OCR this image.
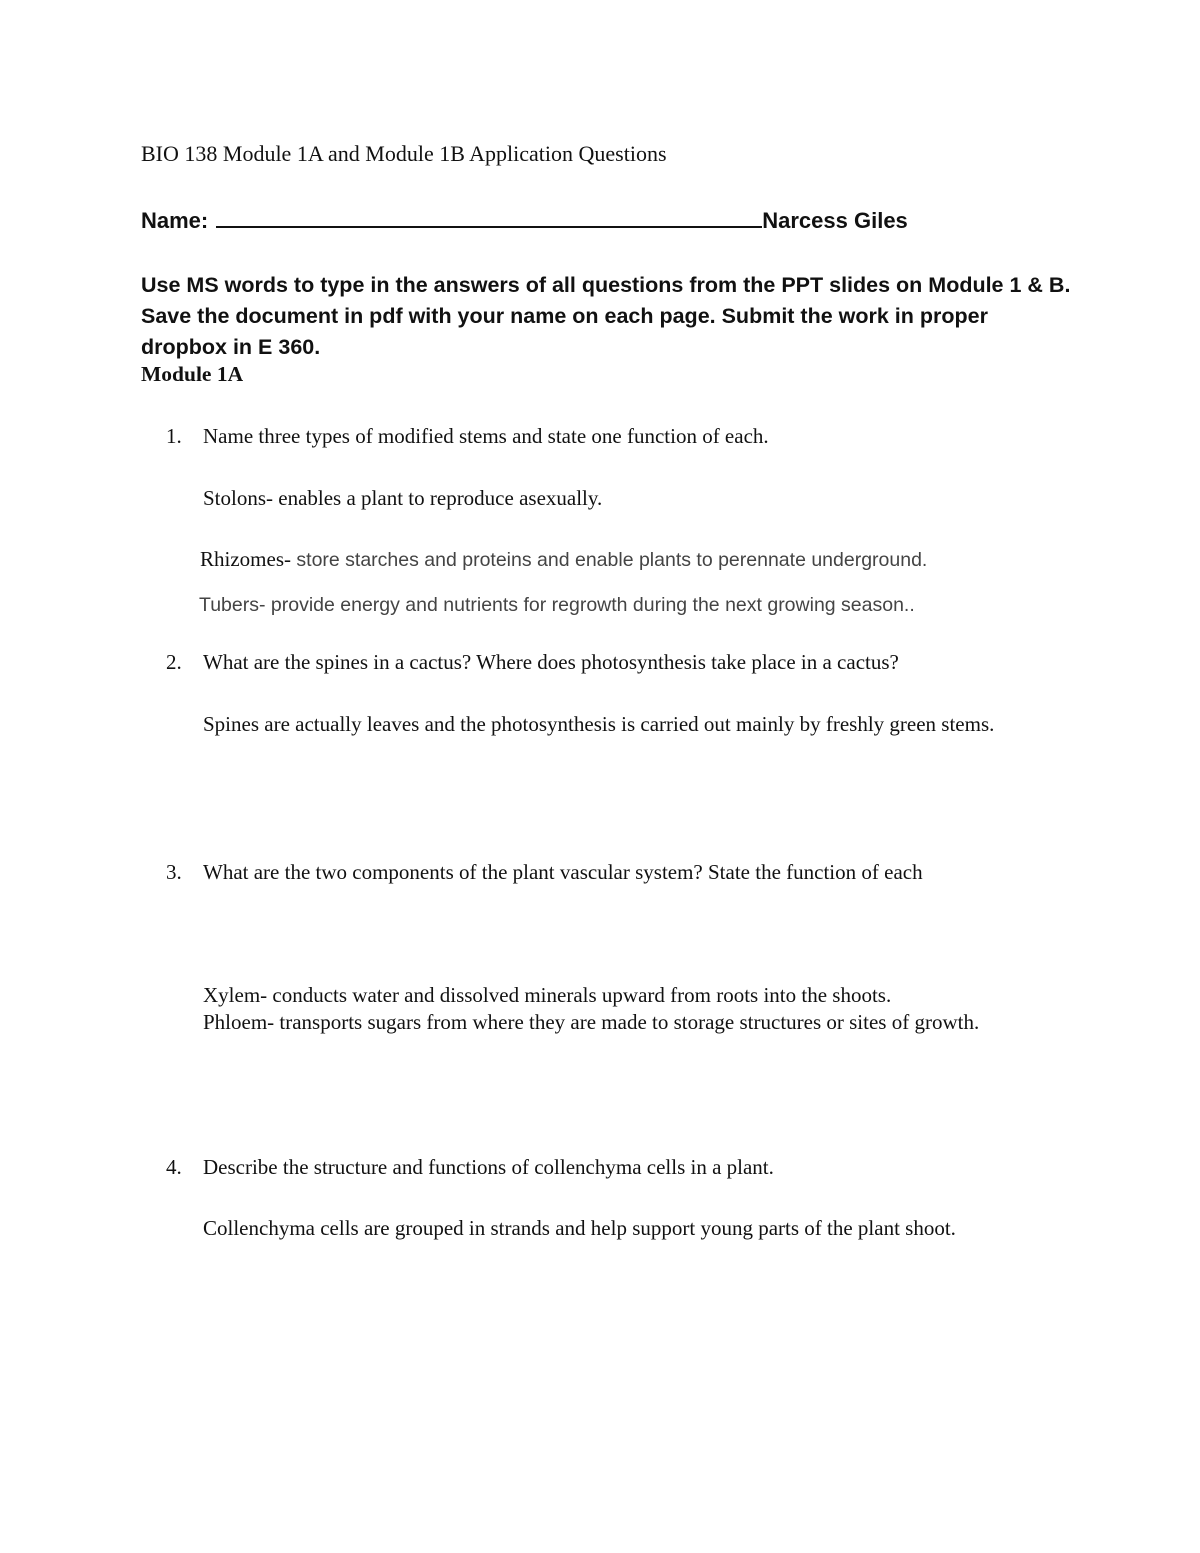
BIO 138 Module 1A and Module 1B Application Questions
Name:	Narcess Giles
Use MS words to type in the answers of all questions from the PPT slides on Module 1 & B. Save the document in pdf with your name on each page. Submit the work in proper dropbox in E 360.
Module 1A
1. Name three types of modified stems and state one function of each.
Stolons- enables a plant to reproduce asexually.
Rhizomes- store starches and proteins and enable plants to perennate underground.
Tubers- provide energy and nutrients for regrowth during the next growing season..
2. What are the spines in a cactus? Where does photosynthesis take place in a cactus?
Spines are actually leaves and the photosynthesis is carried out mainly by freshly green stems.
3. What are the two components of the plant vascular system? State the function of each
Xylem- conducts water and dissolved minerals upward from roots into the shoots.
Phloem- transports sugars from where they are made to storage structures or sites of growth.
4. Describe the structure and functions of collenchyma cells in a plant.
Collenchyma cells are grouped in strands and help support young parts of the plant shoot.
